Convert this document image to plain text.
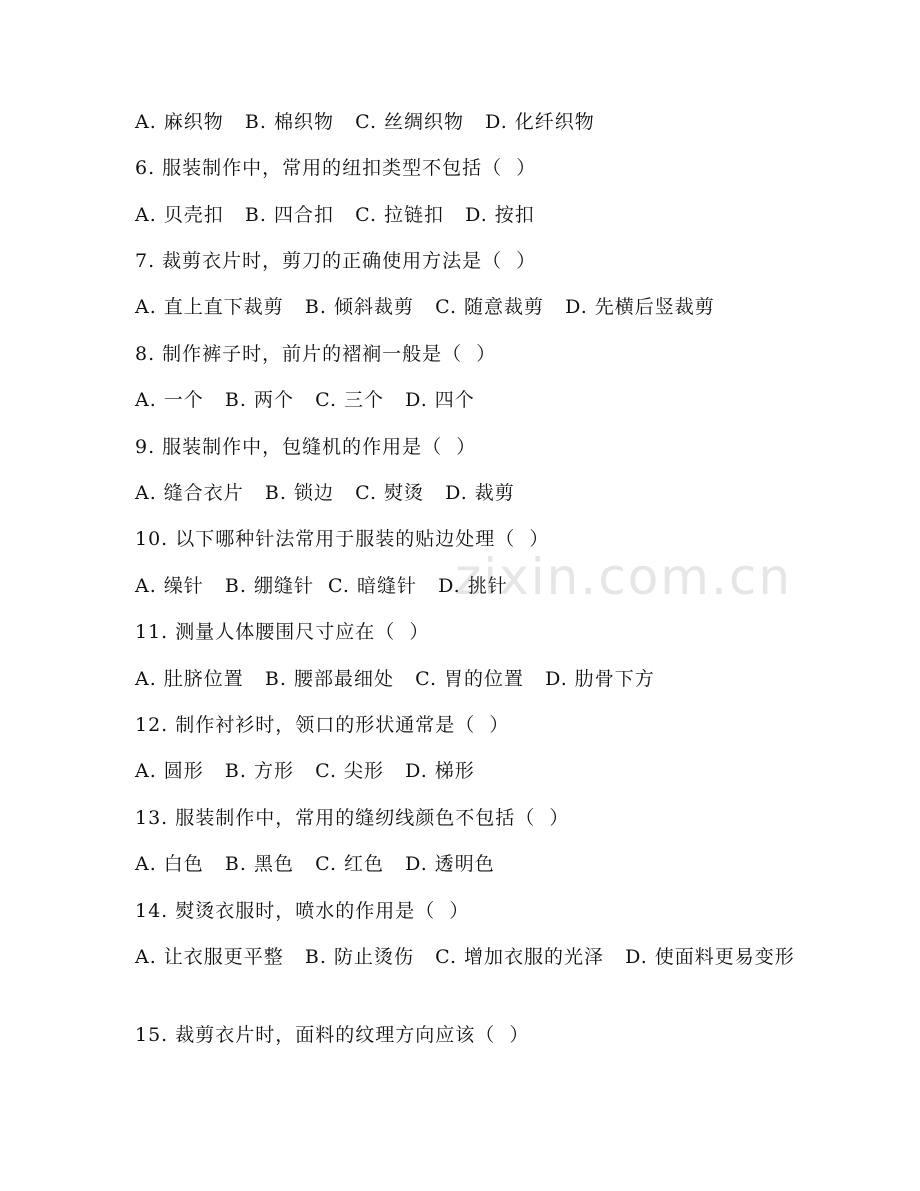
zixin.com.cn
A. 麻织物   B. 棉织物   C. 丝绸织物   D. 化纤织物
6. 服装制作中，常用的纽扣类型不包括（  ）
A. 贝壳扣   B. 四合扣   C. 拉链扣   D. 按扣
7. 裁剪衣片时，剪刀的正确使用方法是（  ）
A. 直上直下裁剪   B. 倾斜裁剪   C. 随意裁剪   D. 先横后竖裁剪
8. 制作裤子时，前片的褶裥一般是（  ）
A. 一个   B. 两个   C. 三个   D. 四个
9. 服装制作中，包缝机的作用是（  ）
A. 缝合衣片   B. 锁边   C. 熨烫   D. 裁剪
10. 以下哪种针法常用于服装的贴边处理（  ）
A. 缲针   B. 绷缝针  C. 暗缝针   D. 挑针
11. 测量人体腰围尺寸应在（  ）
A. 肚脐位置   B. 腰部最细处   C. 胃的位置   D. 肋骨下方
12. 制作衬衫时，领口的形状通常是（  ）
A. 圆形   B. 方形   C. 尖形   D. 梯形
13. 服装制作中，常用的缝纫线颜色不包括（  ）
A. 白色   B. 黑色   C. 红色   D. 透明色
14. 熨烫衣服时，喷水的作用是（  ）
A. 让衣服更平整   B. 防止烫伤   C. 增加衣服的光泽   D. 使面料更易变形
15. 裁剪衣片时，面料的纹理方向应该（  ）
